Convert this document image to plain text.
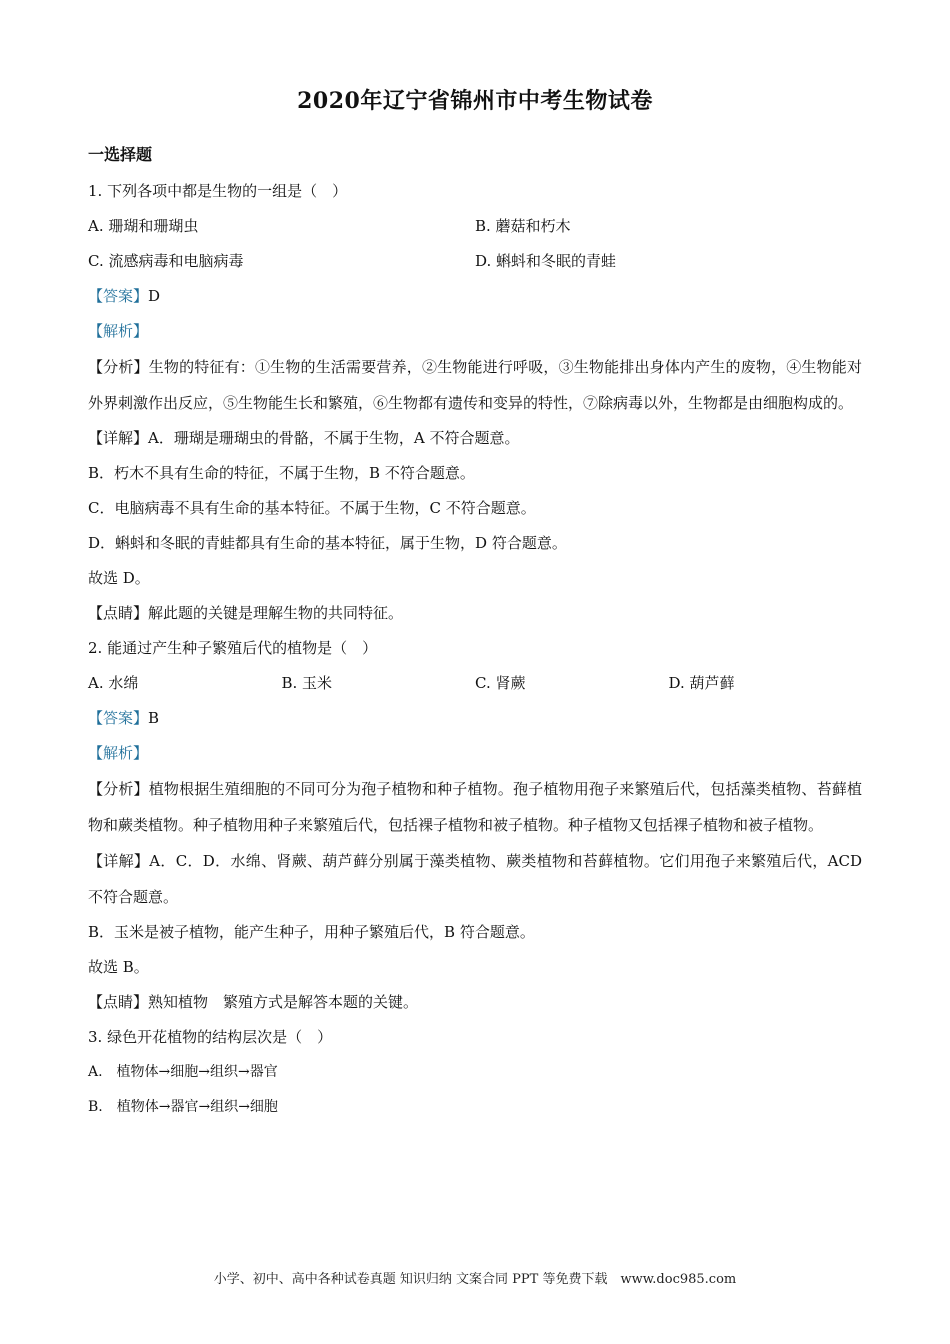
2020年辽宁省锦州市中考生物试卷
一选择题
1. 下列各项中都是生物的一组是（　）
A. 珊瑚和珊瑚虫	B. 蘑菇和朽木
C. 流感病毒和电脑病毒	D. 蝌蚪和冬眠的青蛙
【答案】D
【解析】
【分析】生物的特征有：①生物的生活需要营养，②生物能进行呼吸，③生物能排出身体内产生的废物，④生物能对外界刺激作出反应，⑤生物能生长和繁殖，⑥生物都有遗传和变异的特性，⑦除病毒以外，生物都是由细胞构成的。
【详解】A．珊瑚是珊瑚虫的骨骼，不属于生物，A 不符合题意。
B．朽木不具有生命的特征，不属于生物，B 不符合题意。
C．电脑病毒不具有生命的基本特征。不属于生物，C 不符合题意。
D．蝌蚪和冬眠的青蛙都具有生命的基本特征，属于生物，D 符合题意。
故选 D。
【点睛】解此题的关键是理解生物的共同特征。
2. 能通过产生种子繁殖后代的植物是（　）
A. 水绵	B. 玉米	C. 肾蕨	D. 葫芦藓
【答案】B
【解析】
【分析】植物根据生殖细胞的不同可分为孢子植物和种子植物。孢子植物用孢子来繁殖后代，包括藻类植物、苔藓植物和蕨类植物。种子植物用种子来繁殖后代，包括裸子植物和被子植物。种子植物又包括裸子植物和被子植物。
【详解】A．C．D．水绵、肾蕨、葫芦藓分别属于藻类植物、蕨类植物和苔藓植物。它们用孢子来繁殖后代，ACD 不符合题意。
B．玉米是被子植物，能产生种子，用种子繁殖后代，B 符合题意。
故选 B。
【点睛】熟知植物　繁殖方式是解答本题的关键。
3. 绿色开花植物的结构层次是（　）
A.　植物体→细胞→组织→器官
B.　植物体→器官→组织→细胞
小学、初中、高中各种试卷真题 知识归纳 文案合同 PPT 等免费下载　www.doc985.com
